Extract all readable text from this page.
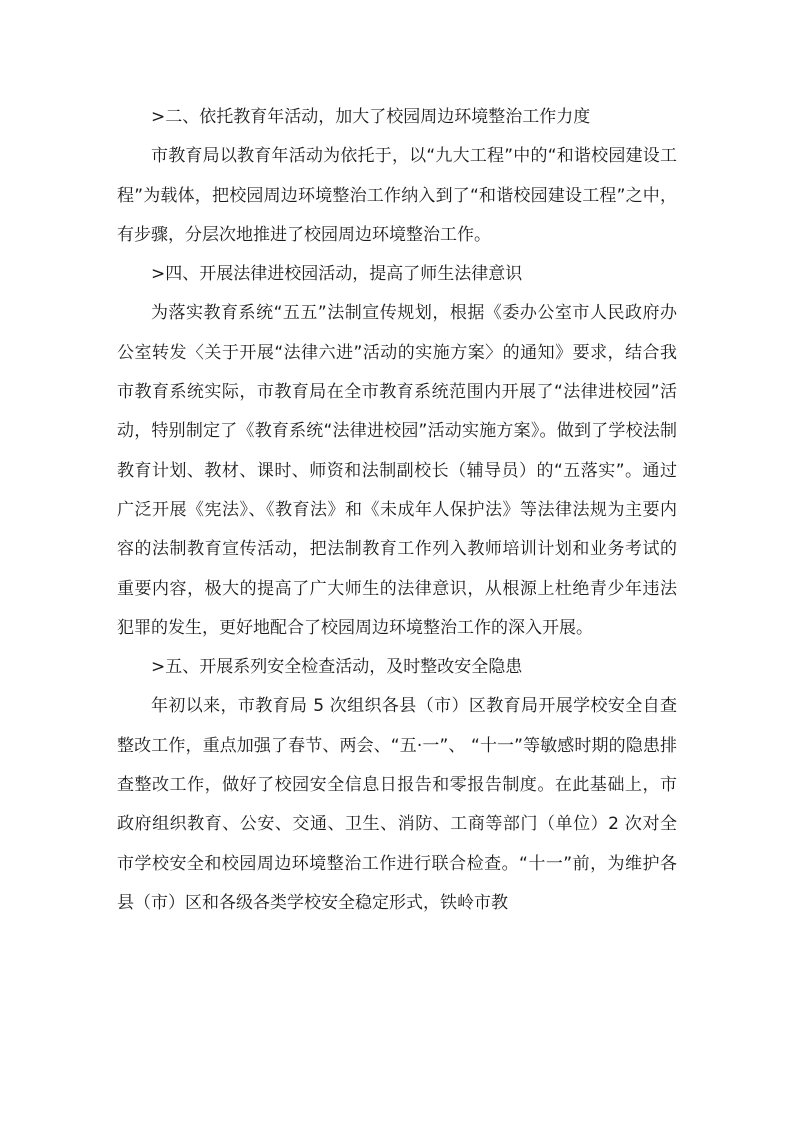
>二、依托教育年活动，加大了校园周边环境整治工作力度

市教育局以教育年活动为依托于，以“九大工程”中的“和谐校园建设工程”为载体，把校园周边环境整治工作纳入到了“和谐校园建设工程”之中，有步骤，分层次地推进了校园周边环境整治工作。

>四、开展法律进校园活动，提高了师生法律意识

为落实教育系统“五五”法制宣传规划，根据《委办公室市人民政府办公室转发〈关于开展“法律六进”活动的实施方案〉的通知》要求，结合我市教育系统实际，市教育局在全市教育系统范围内开展了“法律进校园”活动，特别制定了《教育系统“法律进校园”活动实施方案》。做到了学校法制教育计划、教材、课时、师资和法制副校长（辅导员）的“五落实”。通过广泛开展《宪法》、《教育法》和《未成年人保护法》等法律法规为主要内容的法制教育宣传活动，把法制教育工作列入教师培训计划和业务考试的重要内容，极大的提高了广大师生的法律意识，从根源上杜绝青少年违法犯罪的发生，更好地配合了校园周边环境整治工作的深入开展。

>五、开展系列安全检查活动，及时整改安全隐患

年初以来，市教育局 5 次组织各县（市）区教育局开展学校安全自查整改工作，重点加强了春节、两会、“五·一”、 “十一”等敏感时期的隐患排查整改工作，做好了校园安全信息日报告和零报告制度。在此基础上，市政府组织教育、公安、交通、卫生、消防、工商等部门（单位）2 次对全市学校安全和校园周边环境整治工作进行联合检查。“十一”前，为维护各县（市）区和各级各类学校安全稳定形式，铁岭市教
